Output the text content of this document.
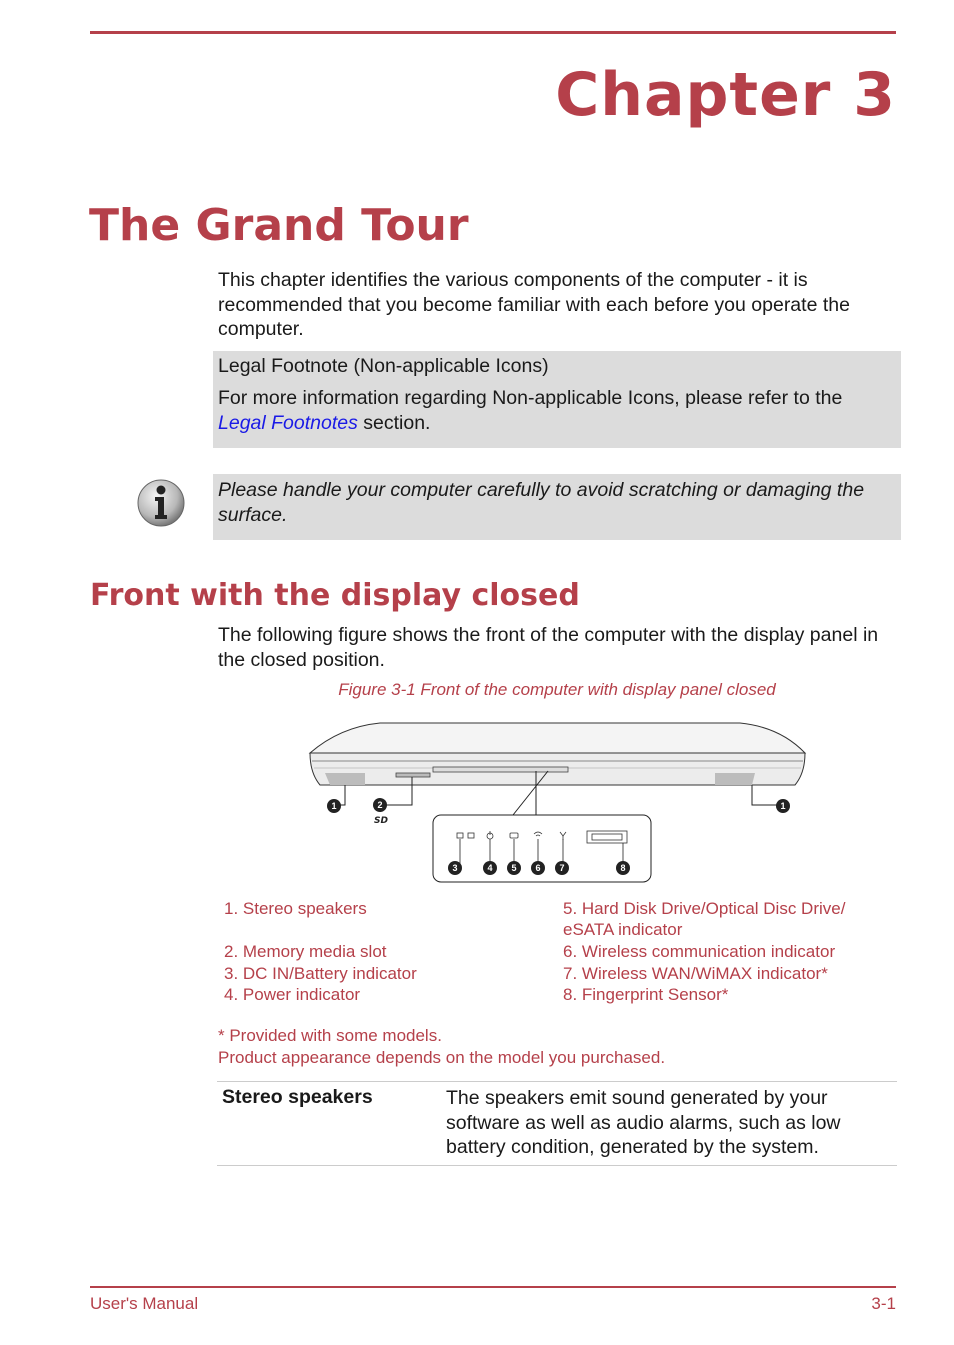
Chapter 3
The Grand Tour
This chapter identifies the various components of the computer - it is recommended that you become familiar with each before you operate the computer.
Legal Footnote (Non-applicable Icons)
For more information regarding Non-applicable Icons, please refer to the Legal Footnotes section.
Please handle your computer carefully to avoid scratching or damaging the surface.
Front with the display closed
The following figure shows the front of the computer with the display panel in the closed position.
Figure 3-1 Front of the computer with display panel closed
1	2	1
3	4 5 6 7	8
SD
1. Stereo speakers
2. Memory media slot
3. DC IN/Battery indicator
4. Power indicator
5. Hard Disk Drive/Optical Disc Drive/
eSATA indicator
6. Wireless communication indicator
7. Wireless WAN/WiMAX indicator*
8. Fingerprint Sensor*
* Provided with some models.
Product appearance depends on the model you purchased.
Stereo speakers	The speakers emit sound generated by your software as well as audio alarms, such as low battery condition, generated by the system.
User's Manual	3-1
